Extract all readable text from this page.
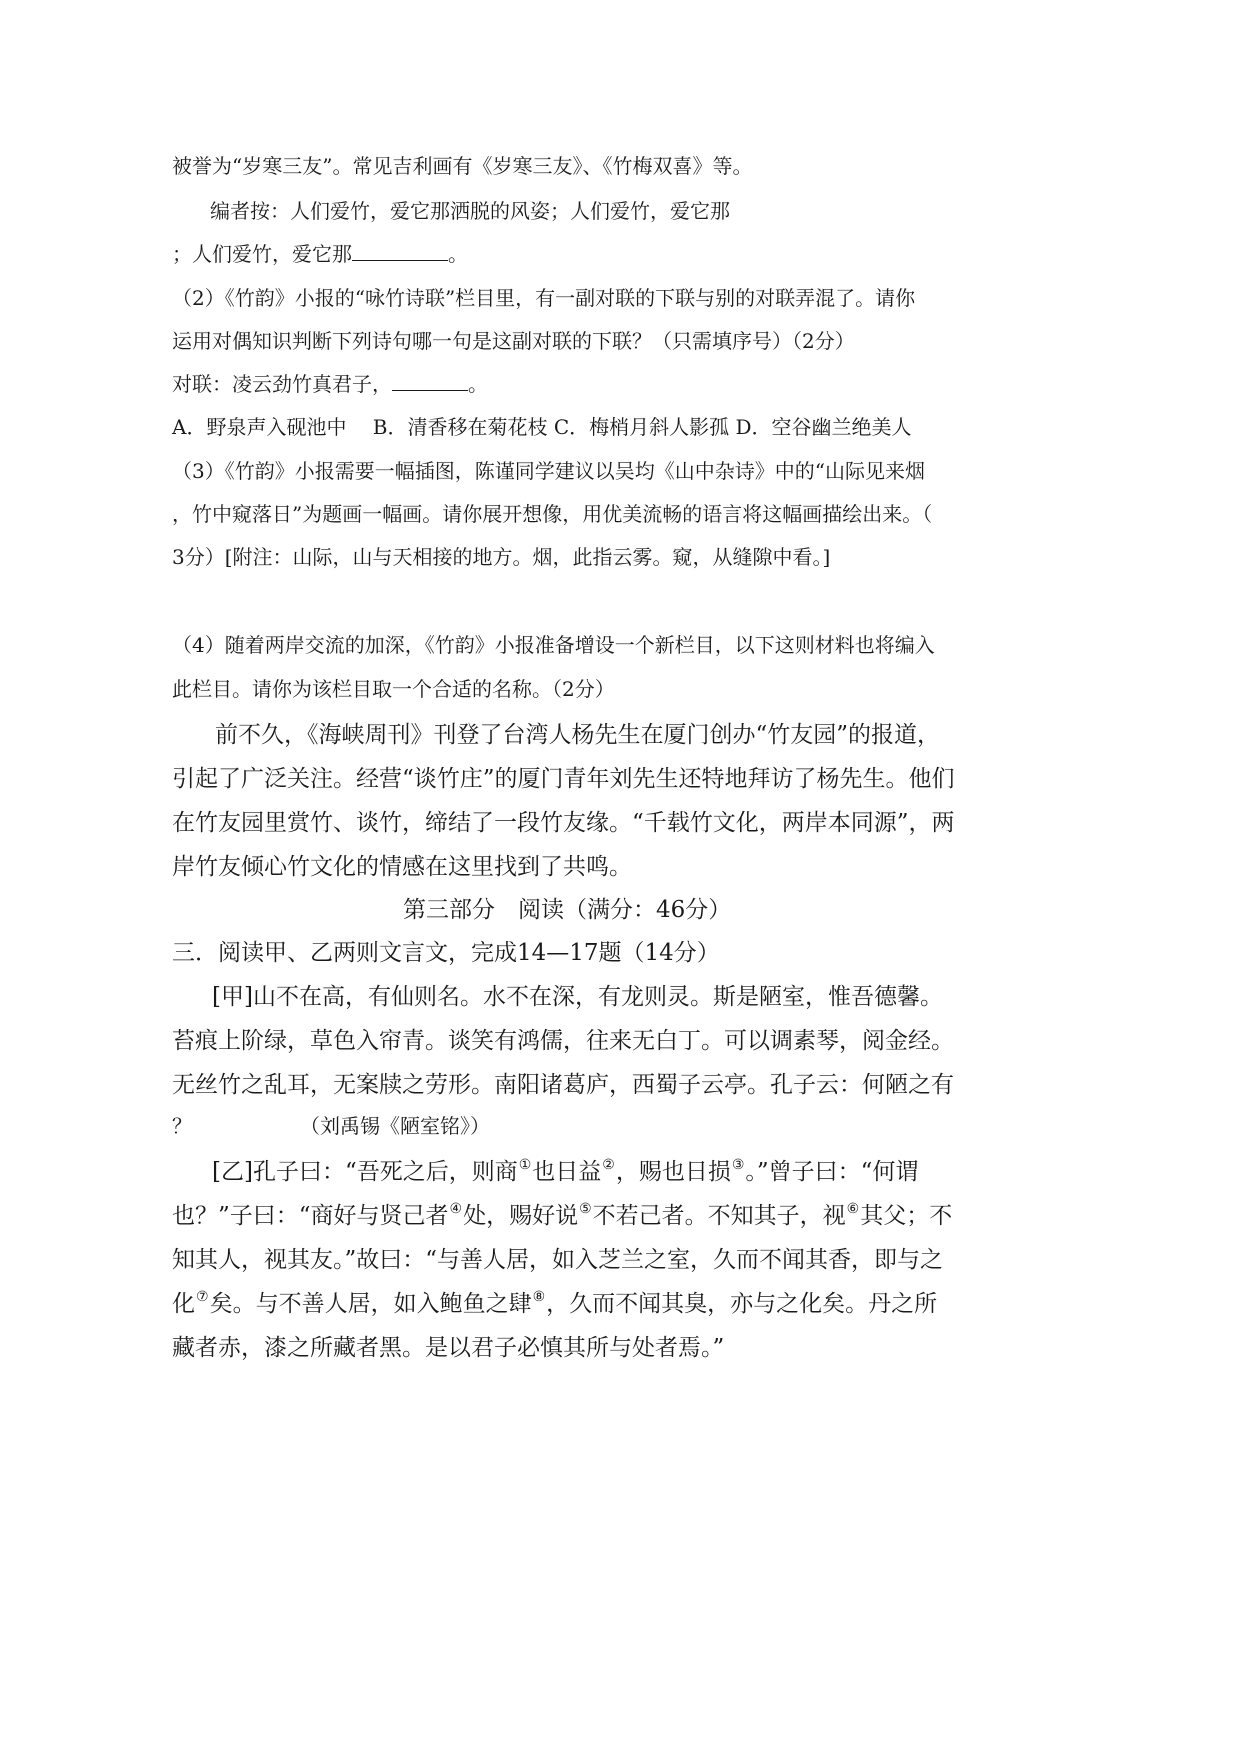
被誉为“岁寒三友”。常见吉利画有《岁寒三友》、《竹梅双喜》等。
编者按：人们爱竹，爱它那洒脱的风姿；人们爱竹，爱它那
；人们爱竹，爱它那	。
（2）《竹韵》小报的“咏竹诗联”栏目里，有一副对联的下联与别的对联弄混了。请你
运用对偶知识判断下列诗句哪一句是这副对联的下联？（只需填序号）（2分）
对联：凌云劲竹真君子，	。
A．野泉声入砚池中　 B．清香移在菊花枝 C．梅梢月斜人影孤 D．空谷幽兰绝美人
（3）《竹韵》小报需要一幅插图，陈谨同学建议以吴均《山中杂诗》中的“山际见来烟
，竹中窥落日”为题画一幅画。请你展开想像，用优美流畅的语言将这幅画描绘出来。（
3分）[附注：山际，山与天相接的地方。烟，此指云雾。窥，从缝隙中看。]
（4）随着两岸交流的加深，《竹韵》小报准备增设一个新栏目，以下这则材料也将编入
此栏目。请你为该栏目取一个合适的名称。（2分）
前不久，《海峡周刊》刊登了台湾人杨先生在厦门创办“竹友园”的报道，
引起了广泛关注。经营“谈竹庄”的厦门青年刘先生还特地拜访了杨先生。他们
在竹友园里赏竹、谈竹，缔结了一段竹友缘。“千载竹文化，两岸本同源”，两
岸竹友倾心竹文化的情感在这里找到了共鸣。
第三部分　阅读（满分：46分）
三．阅读甲、乙两则文言文，完成14—17题（14分）
[甲]山不在高，有仙则名。水不在深，有龙则灵。斯是陋室，惟吾德馨。
苔痕上阶绿，草色入帘青。谈笑有鸿儒，往来无白丁。可以调素琴，阅金经。
无丝竹之乱耳，无案牍之劳形。南阳诸葛庐，西蜀子云亭。孔子云：何陋之有
？	（刘禹锡《陋室铭》）
[乙]孔子曰：“吾死之后，则商①也日益②，赐也日损③。”曾子曰：“何谓
也？”子曰：“商好与贤己者④处，赐好说⑤不若己者。不知其子，视⑥其父；不
知其人，视其友。”故曰：“与善人居，如入芝兰之室，久而不闻其香，即与之
化⑦矣。与不善人居，如入鲍鱼之肆⑧，久而不闻其臭，亦与之化矣。丹之所
藏者赤，漆之所藏者黑。是以君子必慎其所与处者焉。”
